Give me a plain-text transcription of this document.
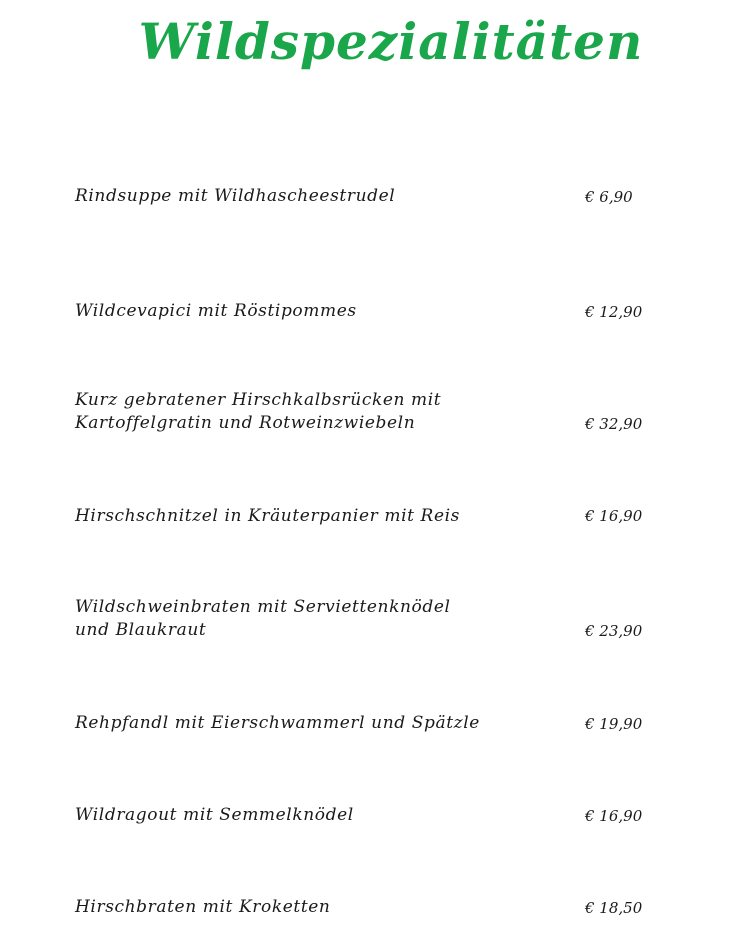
Wildspezialitäten
Rindsuppe mit Wildhascheestrudel	€ 6,90
Wildcevapici mit Röstipommes	€ 12,90
Kurz gebratener Hirschkalbsrücken mit
Kartoffelgratin und Rotweinzwiebeln	€ 32,90
Hirschschnitzel in Kräuterpanier mit Reis	€ 16,90
Wildschweinbraten mit Serviettenknödel
und Blaukraut	€ 23,90
Rehpfandl mit Eierschwammerl und Spätzle	€ 19,90
Wildragout mit Semmelknödel	€ 16,90
Hirschbraten mit Kroketten	€ 18,50
